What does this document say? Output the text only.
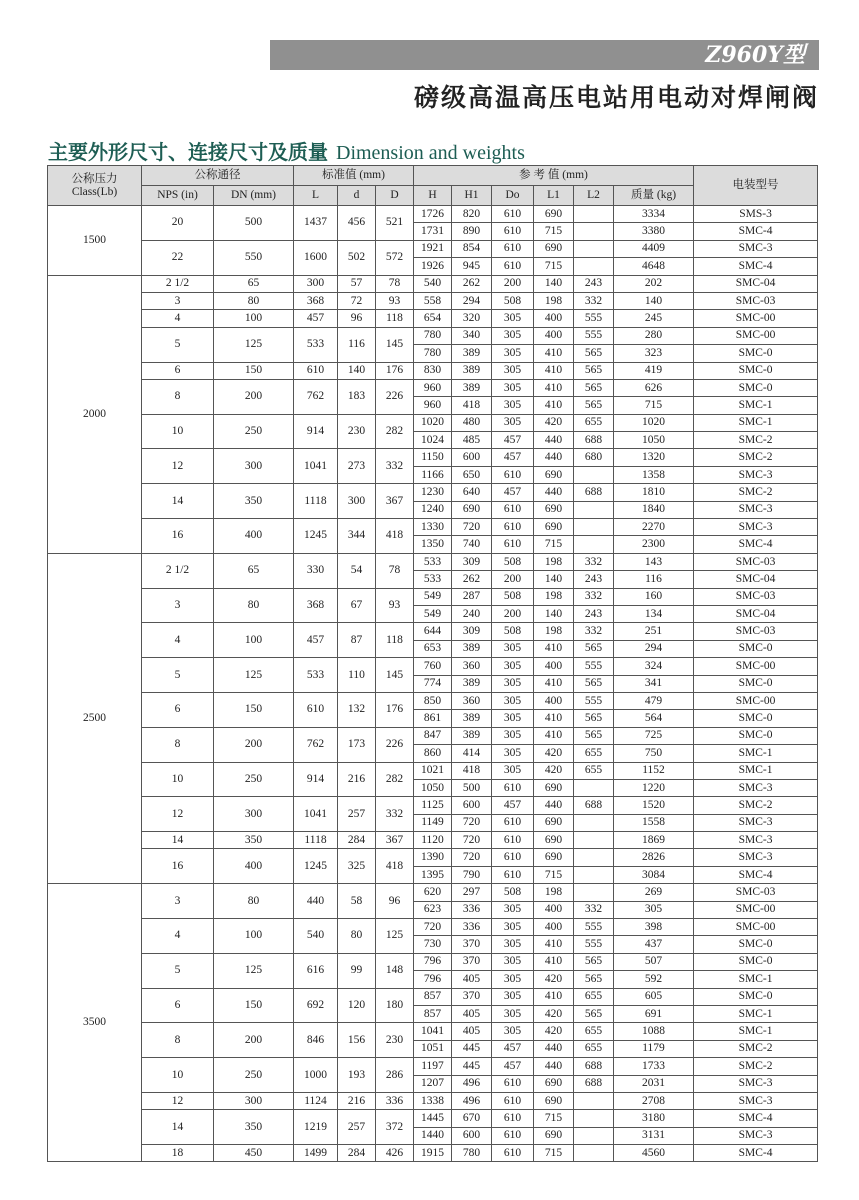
Z960Y型
磅级高温高压电站用电动对焊闸阀
主要外形尺寸、连接尺寸及质量 Dimension and weights
公称压力
Class(Lb)	公称通径		标准值 (mm)			参 考 值 (mm)						电装型号
	NPS (in)	DN (mm)	L	d	D	H	H1	Do	L1	L2	质量 (kg)	
1500	20	500	1437	456	521	1726	820	610	690		3334	SMS-3
						1731	890	610	715		3380	SMC-4
	22	550	1600	502	572	1921	854	610	690		4409	SMC-3
						1926	945	610	715		4648	SMC-4
2000	2 1/2	65	300	57	78	540	262	200	140	243	202	SMC-04
	3	80	368	72	93	558	294	508	198	332	140	SMC-03
	4	100	457	96	118	654	320	305	400	555	245	SMC-00
	5	125	533	116	145	780	340	305	400	555	280	SMC-00
						780	389	305	410	565	323	SMC-0
	6	150	610	140	176	830	389	305	410	565	419	SMC-0
	8	200	762	183	226	960	389	305	410	565	626	SMC-0
						960	418	305	410	565	715	SMC-1
	10	250	914	230	282	1020	480	305	420	655	1020	SMC-1
						1024	485	457	440	688	1050	SMC-2
	12	300	1041	273	332	1150	600	457	440	680	1320	SMC-2
						1166	650	610	690		1358	SMC-3
	14	350	1118	300	367	1230	640	457	440	688	1810	SMC-2
						1240	690	610	690		1840	SMC-3
	16	400	1245	344	418	1330	720	610	690		2270	SMC-3
						1350	740	610	715		2300	SMC-4
2500	2 1/2	65	330	54	78	533	309	508	198	332	143	SMC-03
						533	262	200	140	243	116	SMC-04
	3	80	368	67	93	549	287	508	198	332	160	SMC-03
						549	240	200	140	243	134	SMC-04
	4	100	457	87	118	644	309	508	198	332	251	SMC-03
						653	389	305	410	565	294	SMC-0
	5	125	533	110	145	760	360	305	400	555	324	SMC-00
						774	389	305	410	565	341	SMC-0
	6	150	610	132	176	850	360	305	400	555	479	SMC-00
						861	389	305	410	565	564	SMC-0
	8	200	762	173	226	847	389	305	410	565	725	SMC-0
						860	414	305	420	655	750	SMC-1
	10	250	914	216	282	1021	418	305	420	655	1152	SMC-1
						1050	500	610	690		1220	SMC-3
	12	300	1041	257	332	1125	600	457	440	688	1520	SMC-2
						1149	720	610	690		1558	SMC-3
	14	350	1118	284	367	1120	720	610	690		1869	SMC-3
	16	400	1245	325	418	1390	720	610	690		2826	SMC-3
						1395	790	610	715		3084	SMC-4
3500	3	80	440	58	96	620	297	508	198		269	SMC-03
						623	336	305	400	332	305	SMC-00
	4	100	540	80	125	720	336	305	400	555	398	SMC-00
						730	370	305	410	555	437	SMC-0
	5	125	616	99	148	796	370	305	410	565	507	SMC-0
						796	405	305	420	565	592	SMC-1
	6	150	692	120	180	857	370	305	410	655	605	SMC-0
						857	405	305	420	565	691	SMC-1
	8	200	846	156	230	1041	405	305	420	655	1088	SMC-1
						1051	445	457	440	655	1179	SMC-2
	10	250	1000	193	286	1197	445	457	440	688	1733	SMC-2
						1207	496	610	690	688	2031	SMC-3
	12	300	1124	216	336	1338	496	610	690		2708	SMC-3
	14	350	1219	257	372	1445	670	610	715		3180	SMC-4
						1440	600	610	690		3131	SMC-3
	18	450	1499	284	426	1915	780	610	715		4560	SMC-4
